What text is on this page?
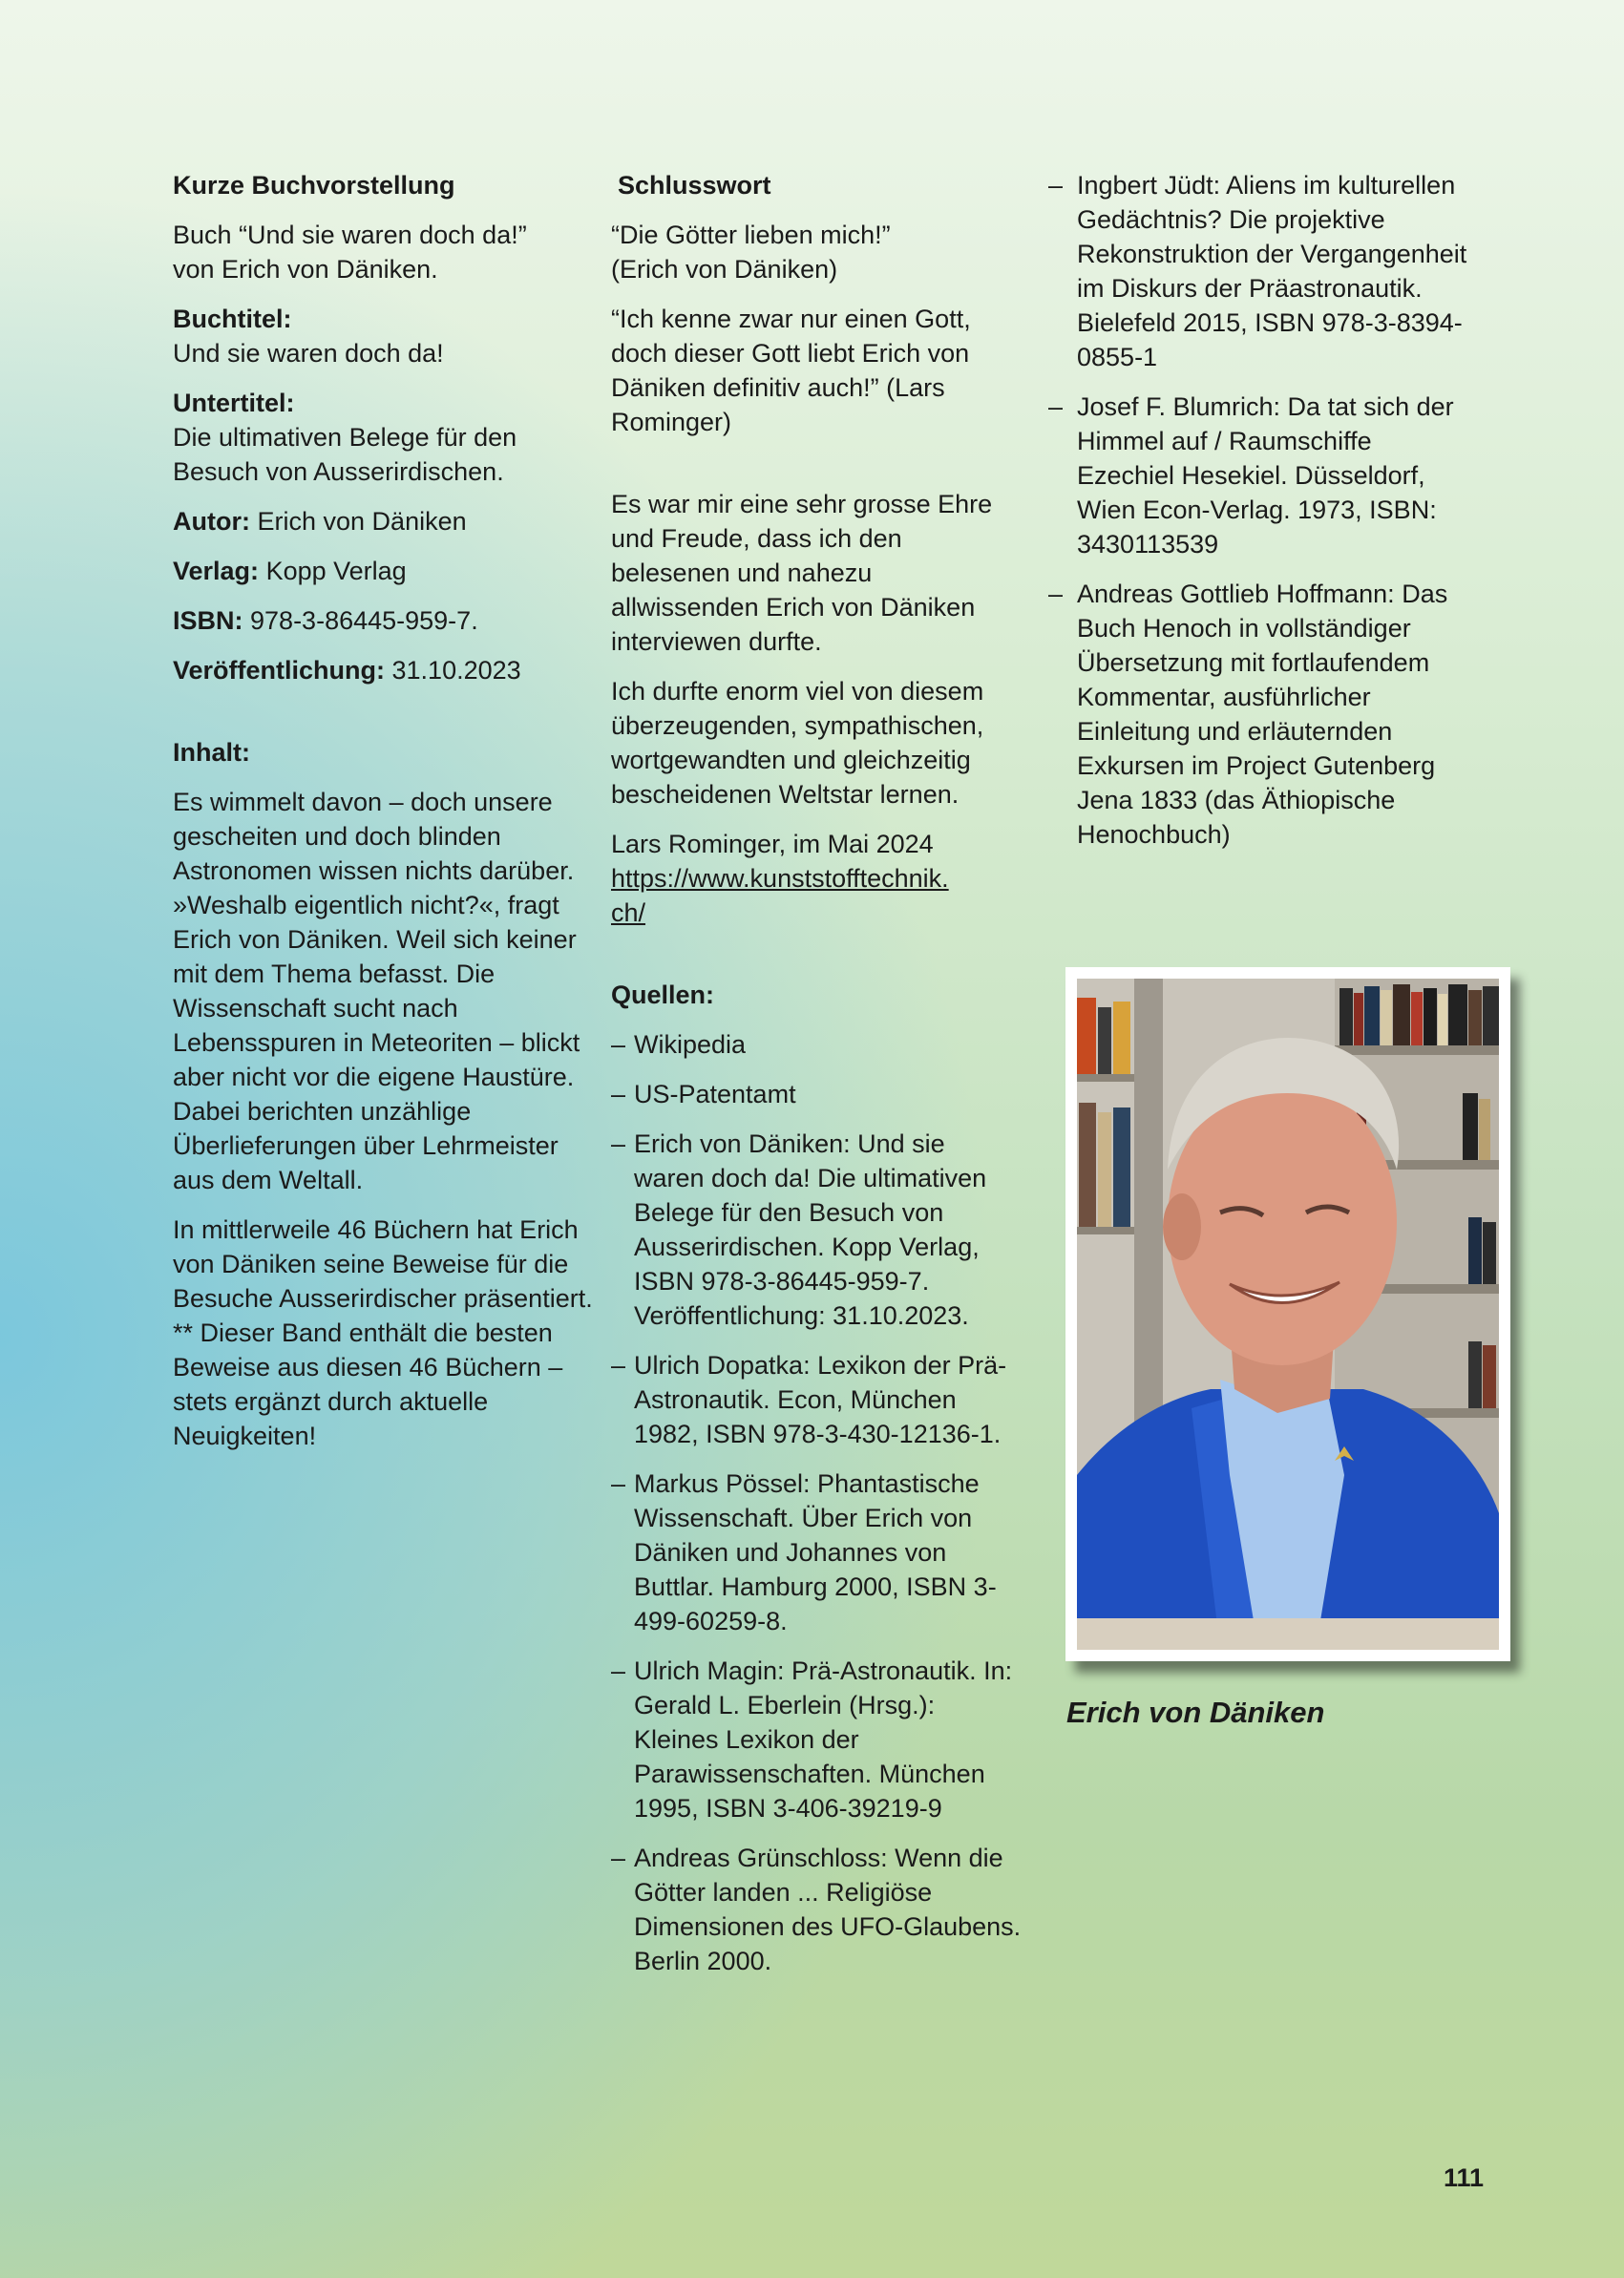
Kurze Buchvorstellung

Buch “Und sie waren doch da!”
von Erich von Däniken.

Buchtitel:
Und sie waren doch da!

Untertitel:
Die ultimativen Belege für den Besuch von Ausserirdischen.

Autor: Erich von Däniken

Verlag: Kopp Verlag

ISBN: 978-3-86445-959-7.

Veröffentlichung: 31.10.2023

Inhalt:

Es wimmelt davon – doch unsere gescheiten und doch blinden Astronomen wissen nichts darüber. »Weshalb eigentlich nicht?«, fragt Erich von Däniken. Weil sich keiner mit dem Thema befasst. Die Wissenschaft sucht nach Lebensspuren in Meteoriten – blickt aber nicht vor die eigene Haustüre. Dabei berichten unzählige Überlieferungen über Lehrmeister aus dem Weltall.

In mittlerweile 46 Büchern hat Erich von Däniken seine Beweise für die Besuche Ausserirdischer präsentiert. ** Dieser Band enthält die besten Beweise aus diesen 46 Büchern – stets ergänzt durch aktuelle Neuigkeiten!

Schlusswort

“Die Götter lieben mich!”
(Erich von Däniken)

“Ich kenne zwar nur einen Gott, doch dieser Gott liebt Erich von Däniken definitiv auch!” (Lars Rominger)

Es war mir eine sehr grosse Ehre und Freude, dass ich den belesenen und nahezu allwissenden Erich von Däniken interviewen durfte.

Ich durfte enorm viel von diesem überzeugenden, sympathischen, wortgewandten und gleichzeitig bescheidenen Weltstar lernen.

Lars Rominger, im Mai 2024
https://www.kunststofftechnik.
ch/

Quellen:

– Wikipedia
– US-Patentamt
– Erich von Däniken: Und sie waren doch da! Die ultimativen Belege für den Besuch von Ausserirdischen. Kopp Verlag, ISBN 978-3-86445-959-7. Veröffentlichung: 31.10.2023.
– Ulrich Dopatka: Lexikon der Prä-Astronautik. Econ, München 1982, ISBN 978-3-430-12136-1.
– Markus Pössel: Phantastische Wissenschaft. Über Erich von Däniken und Johannes von Buttlar. Hamburg 2000, ISBN 3-499-60259-8.
– Ulrich Magin: Prä-Astronautik. In: Gerald L. Eberlein (Hrsg.): Kleines Lexikon der Parawissenschaften. München 1995, ISBN 3-406-39219-9
– Andreas Grünschloss: Wenn die Götter landen ... Religiöse Dimensionen des UFO-Glaubens. Berlin 2000.
– Ingbert Jüdt: Aliens im kulturellen Gedächtnis? Die projektive Rekonstruktion der Vergangenheit im Diskurs der Präastronautik. Bielefeld 2015, ISBN 978-3-8394-0855-1
– Josef F. Blumrich: Da tat sich der Himmel auf / Raumschiffe Ezechiel Hesekiel. Düsseldorf, Wien Econ-Verlag. 1973, ISBN: 3430113539
– Andreas Gottlieb Hoffmann: Das Buch Henoch in vollständiger Übersetzung mit fortlaufendem Kommentar, ausführlicher Einleitung und erläuternden Exkursen im Project Gutenberg Jena 1833 (das Äthiopische Henochbuch)
Erich von Däniken
111
